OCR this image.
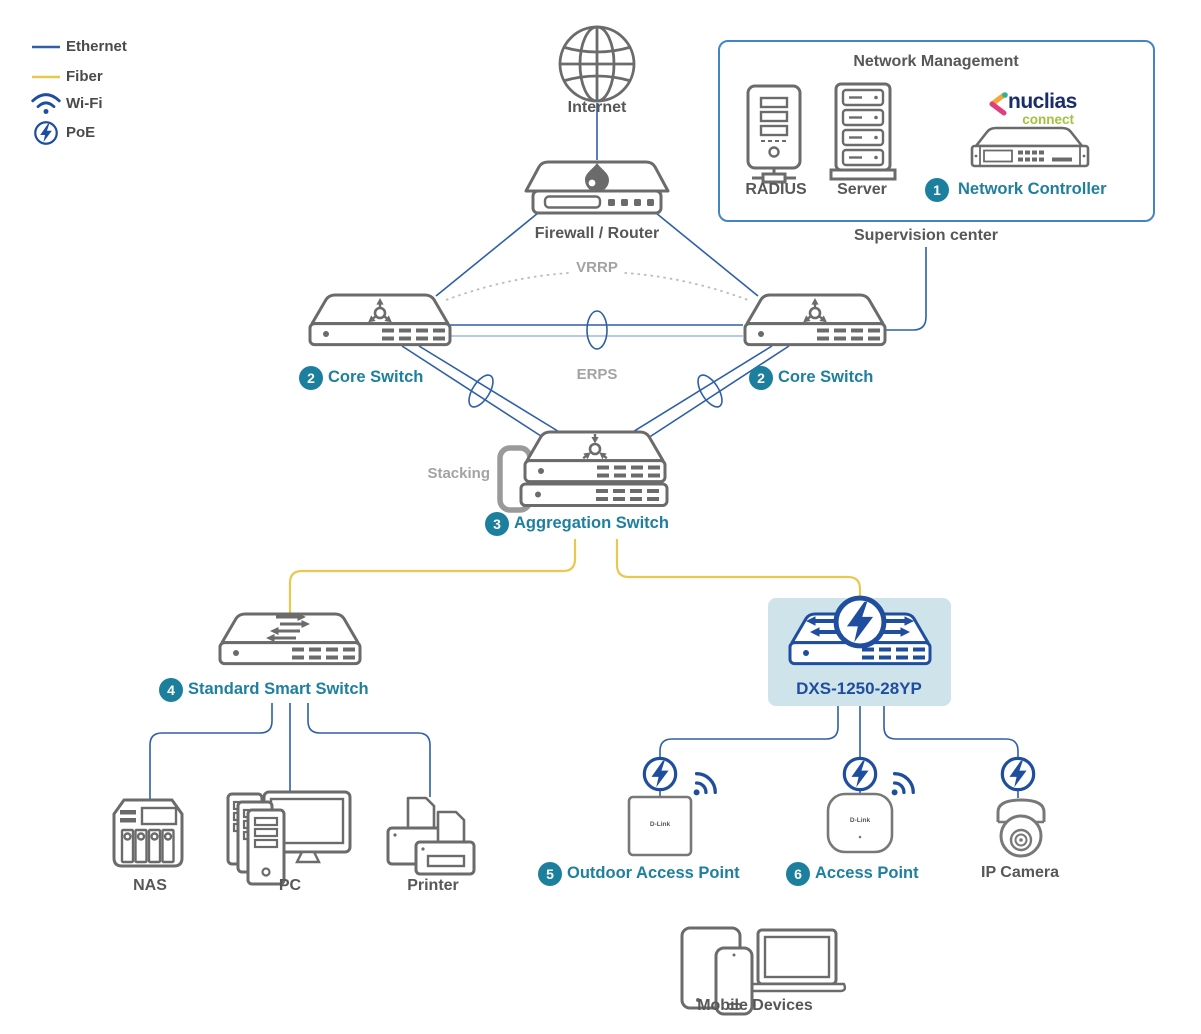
D-Link
D-Link
Ethernet
Fiber
Wi-Fi
PoE
Internet
Firewall / Router
Network Management
RADIUS Server
nuclias
connect
1	Network Controller
Supervision center
VRRP
ERPS
Stacking
2 Core Switch	2 Core Switch
3 Aggregation Switch
4 Standard Smart Switch	DXS-1250-28YP
NAS	PC	Printer
5 Outdoor Access Point	6 Access Point	IP Camera
Mobile Devices
